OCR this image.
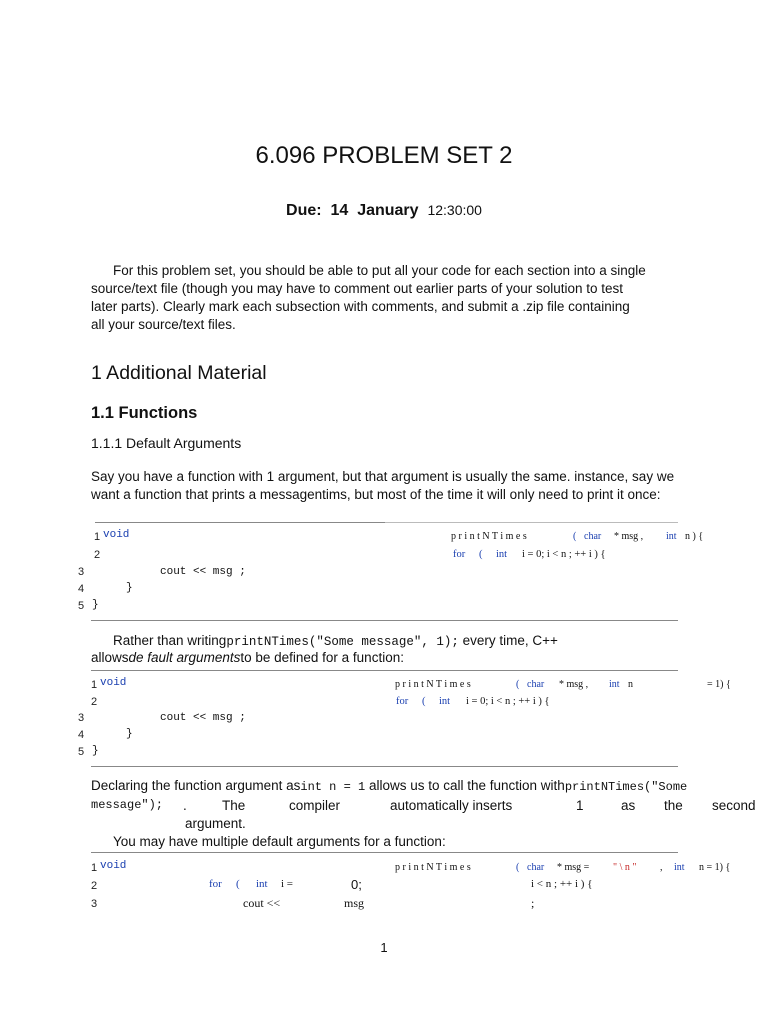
6.096 PROBLEM SET 2
Due: 14 January 12:30:00
For this problem set, you should be able to put all your code for each section into a single
source/text file (though you may have to comment out earlier parts of your solution to test
later parts). Clearly mark each subsection with comments, and submit a .zip file containing
all your source/text files.
1 Additional Material
1.1 Functions
1.1.1 Default Arguments
Say you have a function with 1 argument, but that argument is usually the same. instance, say we
want a function that prints a messagentims, but most of the time it will only need to print it once:
1 void	p r i n t N T i m e s	( char * msg , int n ) {
2	for ( int i = 0; i < n ; ++ i ) {
3	cout << msg ;
4	}
5 }
Rather than writingprintNTimes("Some message", 1); every time, C++
allowsde fault argumentsto be defined for a function:
1 void	p r i n t N T i m e s	( char * msg , int n	= 1) {
2	for ( int i = 0; i < n ; ++ i ) {
3	cout << msg ;
4	}
5 }
Declaring the function argument asint n = 1 allows us to call the function withprintNTimes("Some
message"); .	The	compiler	automatically inserts	1	as the second
argument.
You may have multiple default arguments for a function:
1 void	p r i n t N T i m e s	( char * msg = " \ n " , int n = 1) {
2	for ( int i =	0;	i < n ; ++ i ) {
3	cout <<	msg	;
1
